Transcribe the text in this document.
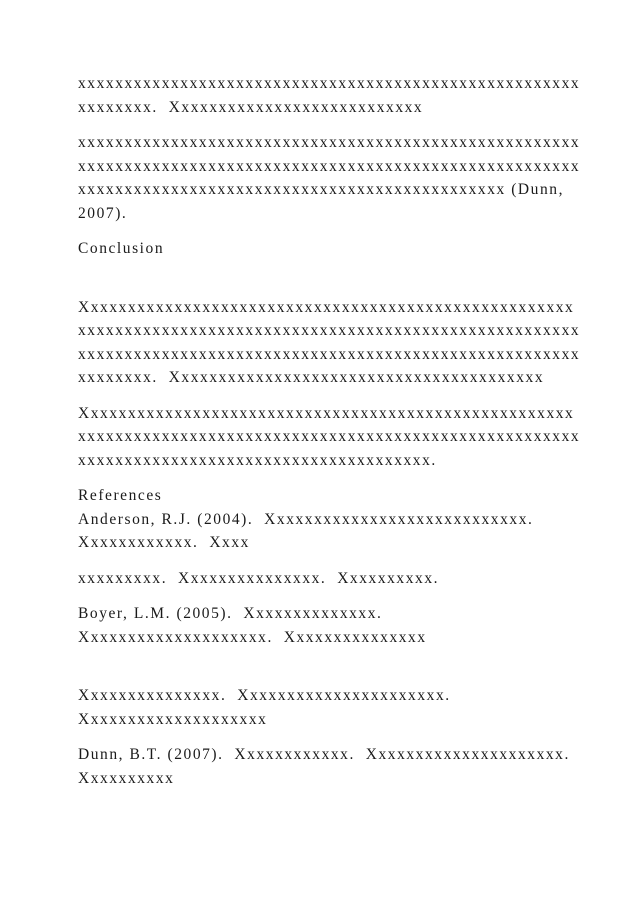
xxxxxxxxxxxxxxxxxxxxxxxxxxxxxxxxxxxxxxxxxxxxxxxxxxxxxx
xxxxxxxx.  Xxxxxxxxxxxxxxxxxxxxxxxxxxx
xxxxxxxxxxxxxxxxxxxxxxxxxxxxxxxxxxxxxxxxxxxxxxxxxxxxxx
xxxxxxxxxxxxxxxxxxxxxxxxxxxxxxxxxxxxxxxxxxxxxxxxxxxxxx
xxxxxxxxxxxxxxxxxxxxxxxxxxxxxxxxxxxxxxxxxxxxxx (Dunn,
2007).
Conclusion
Xxxxxxxxxxxxxxxxxxxxxxxxxxxxxxxxxxxxxxxxxxxxxxxxxxxxx
xxxxxxxxxxxxxxxxxxxxxxxxxxxxxxxxxxxxxxxxxxxxxxxxxxxxxx
xxxxxxxxxxxxxxxxxxxxxxxxxxxxxxxxxxxxxxxxxxxxxxxxxxxxxx
xxxxxxxx.  Xxxxxxxxxxxxxxxxxxxxxxxxxxxxxxxxxxxxxxxx
Xxxxxxxxxxxxxxxxxxxxxxxxxxxxxxxxxxxxxxxxxxxxxxxxxxxxx
xxxxxxxxxxxxxxxxxxxxxxxxxxxxxxxxxxxxxxxxxxxxxxxxxxxxxx
xxxxxxxxxxxxxxxxxxxxxxxxxxxxxxxxxxxxxx.
References
Anderson, R.J. (2004).  Xxxxxxxxxxxxxxxxxxxxxxxxxxxx.
Xxxxxxxxxxxx.  Xxxx
xxxxxxxxx.  Xxxxxxxxxxxxxxx.  Xxxxxxxxxx.
Boyer, L.M. (2005).  Xxxxxxxxxxxxxx.
Xxxxxxxxxxxxxxxxxxxx.  Xxxxxxxxxxxxxxx
Xxxxxxxxxxxxxxx.  Xxxxxxxxxxxxxxxxxxxxxx.
Xxxxxxxxxxxxxxxxxxxx
Dunn, B.T. (2007).  Xxxxxxxxxxxx.  Xxxxxxxxxxxxxxxxxxxxx.
Xxxxxxxxxx
